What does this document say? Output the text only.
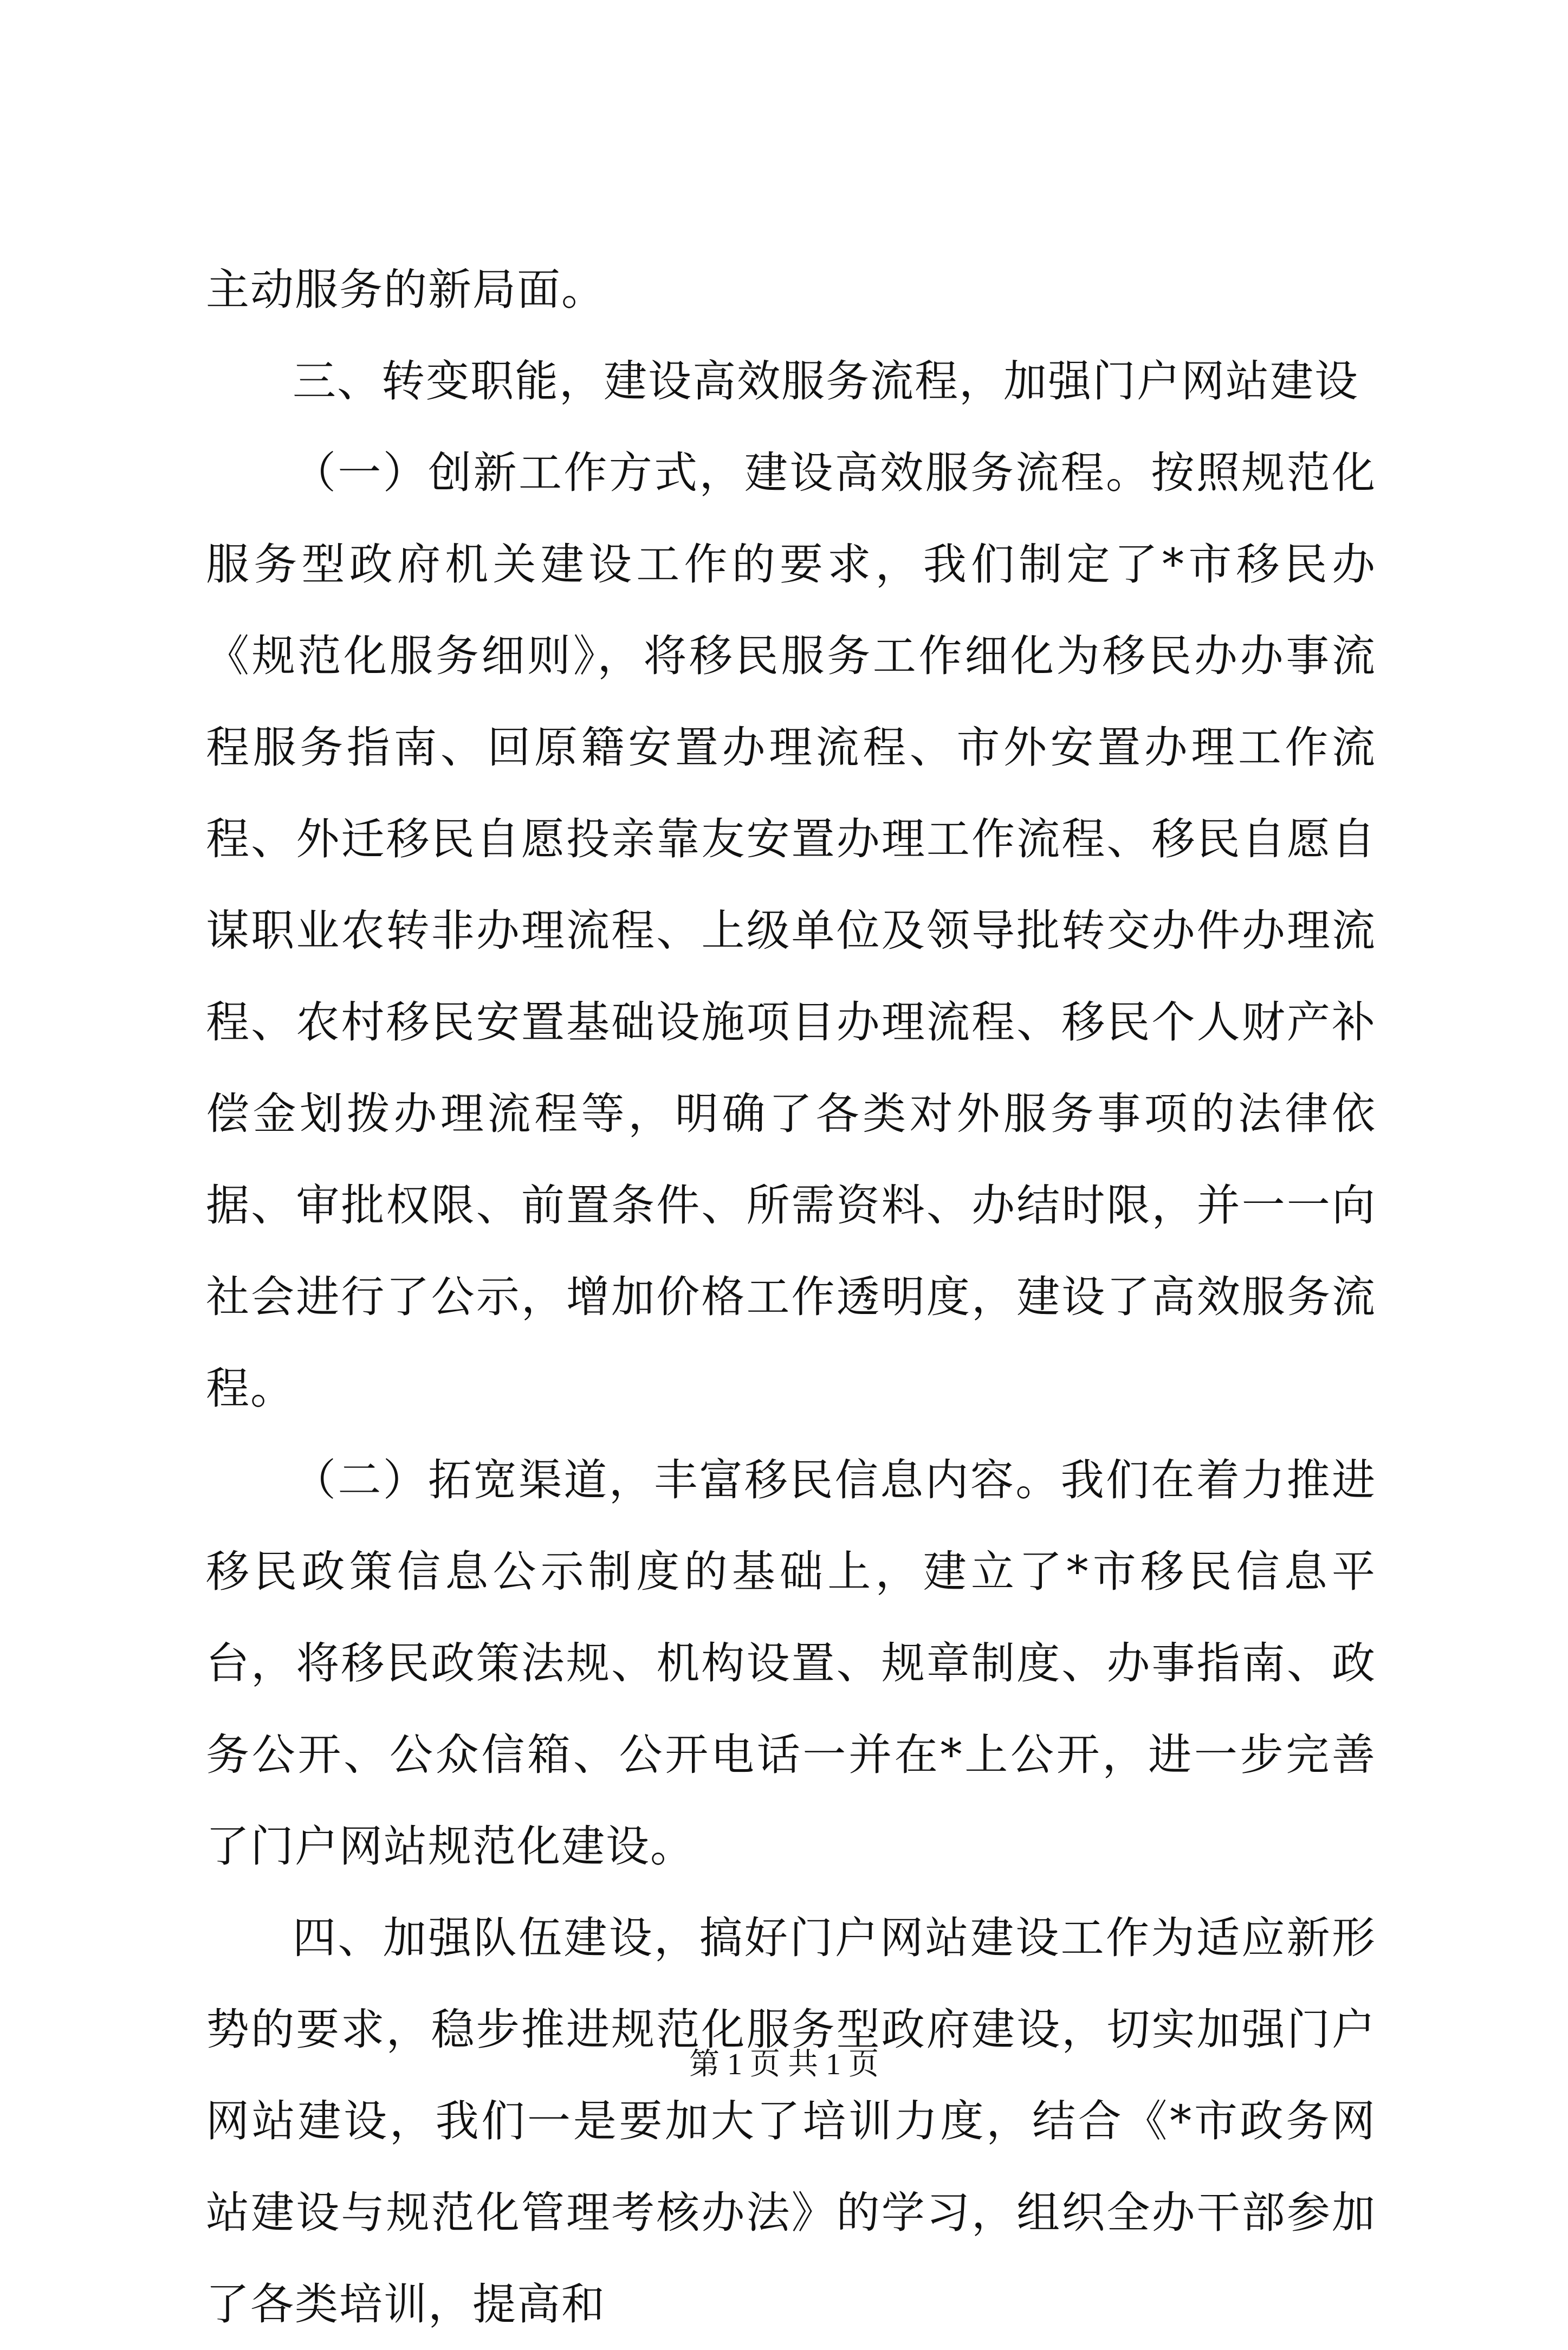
主动服务的新局面。

三、转变职能，建设高效服务流程，加强门户网站建设

（一）创新工作方式，建设高效服务流程。按照规范化服务型政府机关建设工作的要求，我们制定了*市移民办《规范化服务细则》，将移民服务工作细化为移民办办事流程服务指南、回原籍安置办理流程、市外安置办理工作流程、外迁移民自愿投亲靠友安置办理工作流程、移民自愿自谋职业农转非办理流程、上级单位及领导批转交办件办理流程、农村移民安置基础设施项目办理流程、移民个人财产补偿金划拨办理流程等，明确了各类对外服务事项的法律依据、审批权限、前置条件、所需资料、办结时限，并一一向社会进行了公示，增加价格工作透明度，建设了高效服务流程。

（二）拓宽渠道，丰富移民信息内容。我们在着力推进移民政策信息公示制度的基础上，建立了*市移民信息平台，将移民政策法规、机构设置、规章制度、办事指南、政务公开、公众信箱、公开电话一并在*上公开，进一步完善了门户网站规范化建设。

四、加强队伍建设，搞好门户网站建设工作为适应新形势的要求，稳步推进规范化服务型政府建设，切实加强门户网站建设，我们一是要加大了培训力度，结合《*市政务网站建设与规范化管理考核办法》的学习，组织全办干部参加了各类培训，提高和

第 1 页 共 1 页
